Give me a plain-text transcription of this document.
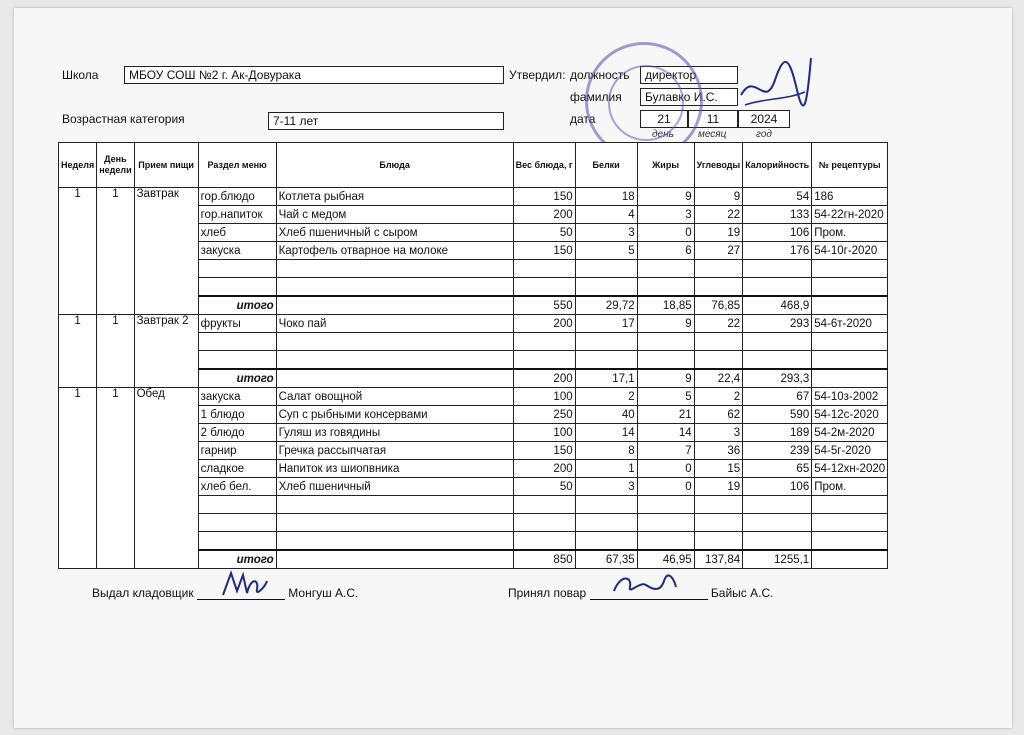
Школа	МБОУ СОШ №2 г. Ак-Довурака
Возрастная категория	7-11 лет
Утвердил: должность	директор
фамилия	Булавко И.С.
дата	21	11	2024
день месяц	год
Неделя	День недели	Прием пищи	Раздел меню	Блюда	Вес блюда, г	Белки	Жиры	Углеводы	Калорийность	№ рецептуры
1	1	Завтрак	гор.блюдо	Котлета рыбная	150	18	9	9	54	186
			гор.напиток	Чай с медом	200	4	3	22	133	54-22гн-2020
			хлеб	Хлеб пшеничный с сыром	50	3	0	19	106	Пром.
			закуска	Картофель отварное на молоке	150	5	6	27	176	54-10г-2020

			итого		550	29,72	18,85	76,85	468,9	
1	1	Завтрак 2	фрукты	Чоко пай	200	17	9	22	293	54-6т-2020

			итого		200	17,1	9	22,4	293,3	
1	1	Обед	закуска	Салат овощной	100	2	5	2	67	54-10з-2002
			1 блюдо	Суп с рыбными консервами	250	40	21	62	590	54-12с-2020
			2 блюдо	Гуляш из говядины	100	14	14	3	189	54-2м-2020
			гарнир	Гречка рассыпчатая	150	8	7	36	239	54-5г-2020
			сладкое	Напиток из шиопвника	200	1	0	15	65	54-12хн-2020
			хлеб бел.	Хлеб пшеничный	50	3	0	19	106	Пром.

			итого		850	67,35	46,95	137,84	1255,1	
Выдал кладовщик	Монгуш А.С.	Принял повар	Байыс А.С.
